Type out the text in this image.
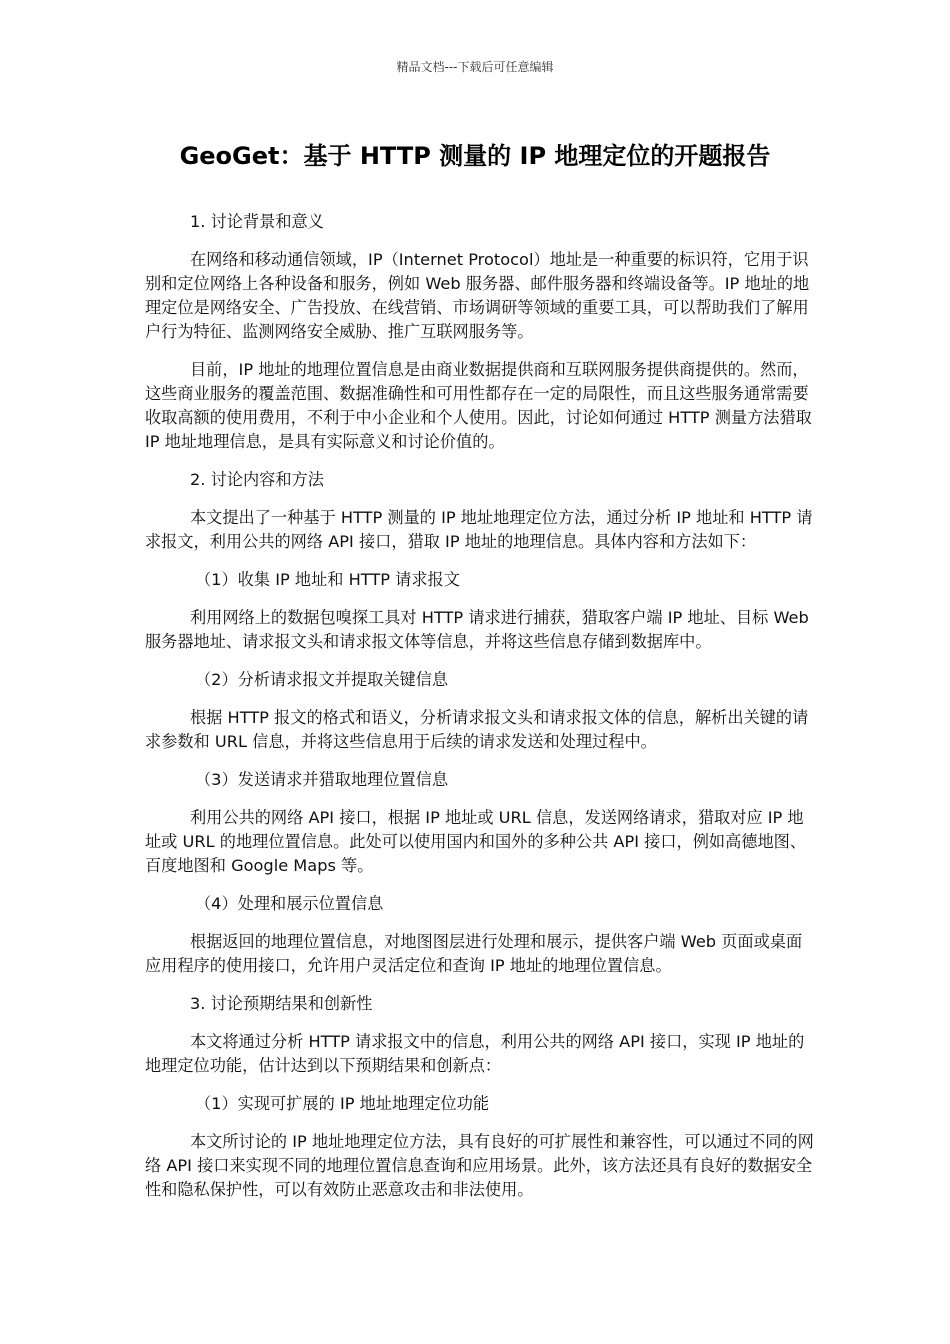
精品文档---下载后可任意编辑
GeoGet：基于 HTTP 测量的 IP 地理定位的开题报告

1. 讨论背景和意义

在网络和移动通信领域，IP（Internet Protocol）地址是一种重要的标识符，它用于识别和定位网络上各种设备和服务，例如 Web 服务器、邮件服务器和终端设备等。IP 地址的地理定位是网络安全、广告投放、在线营销、市场调研等领域的重要工具，可以帮助我们了解用户行为特征、监测网络安全威胁、推广互联网服务等。

目前，IP 地址的地理位置信息是由商业数据提供商和互联网服务提供商提供的。然而，这些商业服务的覆盖范围、数据准确性和可用性都存在一定的局限性，而且这些服务通常需要收取高额的使用费用，不利于中小企业和个人使用。因此，讨论如何通过 HTTP 测量方法猎取 IP 地址地理信息，是具有实际意义和讨论价值的。

2. 讨论内容和方法

本文提出了一种基于 HTTP 测量的 IP 地址地理定位方法，通过分析 IP 地址和 HTTP 请求报文，利用公共的网络 API 接口，猎取 IP 地址的地理信息。具体内容和方法如下：

（1）收集 IP 地址和 HTTP 请求报文

利用网络上的数据包嗅探工具对 HTTP 请求进行捕获，猎取客户端 IP 地址、目标 Web 服务器地址、请求报文头和请求报文体等信息，并将这些信息存储到数据库中。

（2）分析请求报文并提取关键信息

根据 HTTP 报文的格式和语义，分析请求报文头和请求报文体的信息，解析出关键的请求参数和 URL 信息，并将这些信息用于后续的请求发送和处理过程中。

（3）发送请求并猎取地理位置信息

利用公共的网络 API 接口，根据 IP 地址或 URL 信息，发送网络请求，猎取对应 IP 地址或 URL 的地理位置信息。此处可以使用国内和国外的多种公共 API 接口，例如高德地图、百度地图和 Google Maps 等。

（4）处理和展示位置信息

根据返回的地理位置信息，对地图图层进行处理和展示，提供客户端 Web 页面或桌面应用程序的使用接口，允许用户灵活定位和查询 IP 地址的地理位置信息。

3. 讨论预期结果和创新性

本文将通过分析 HTTP 请求报文中的信息，利用公共的网络 API 接口，实现 IP 地址的地理定位功能，估计达到以下预期结果和创新点：

（1）实现可扩展的 IP 地址地理定位功能

本文所讨论的 IP 地址地理定位方法，具有良好的可扩展性和兼容性，可以通过不同的网络 API 接口来实现不同的地理位置信息查询和应用场景。此外，该方法还具有良好的数据安全性和隐私保护性，可以有效防止恶意攻击和非法使用。
